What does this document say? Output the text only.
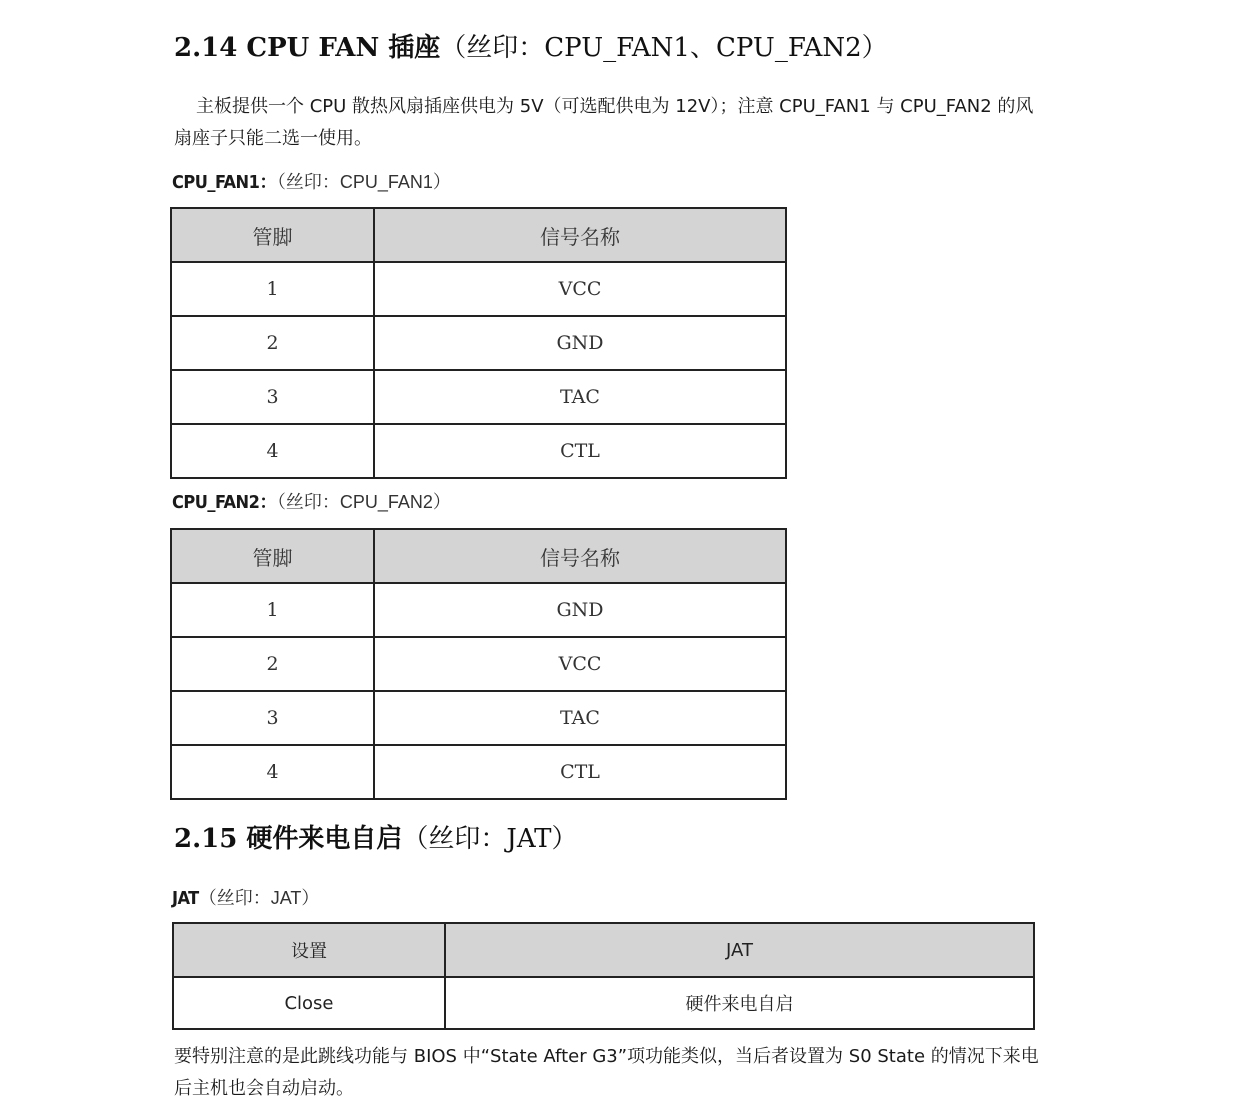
2.14 CPU FAN 插座（丝印：CPU_FAN1、CPU_FAN2）

主板提供一个 CPU 散热风扇插座供电为 5V（可选配供电为 12V）；注意 CPU_FAN1 与 CPU_FAN2 的风扇座子只能二选一使用。

CPU_FAN1：（丝印：CPU_FAN1）
管脚	信号名称
1	VCC
2	GND
3	TAC
4	CTL
CPU_FAN2：（丝印：CPU_FAN2）
管脚	信号名称
1	GND
2	VCC
3	TAC
4	CTL
2.15 硬件来电自启（丝印：JAT）
JAT（丝印：JAT）
设置	JAT
Close	硬件来电自启

要特别注意的是此跳线功能与 BIOS 中“State After G3”项功能类似，当后者设置为 S0 State 的情况下来电后主机也会自动启动。
